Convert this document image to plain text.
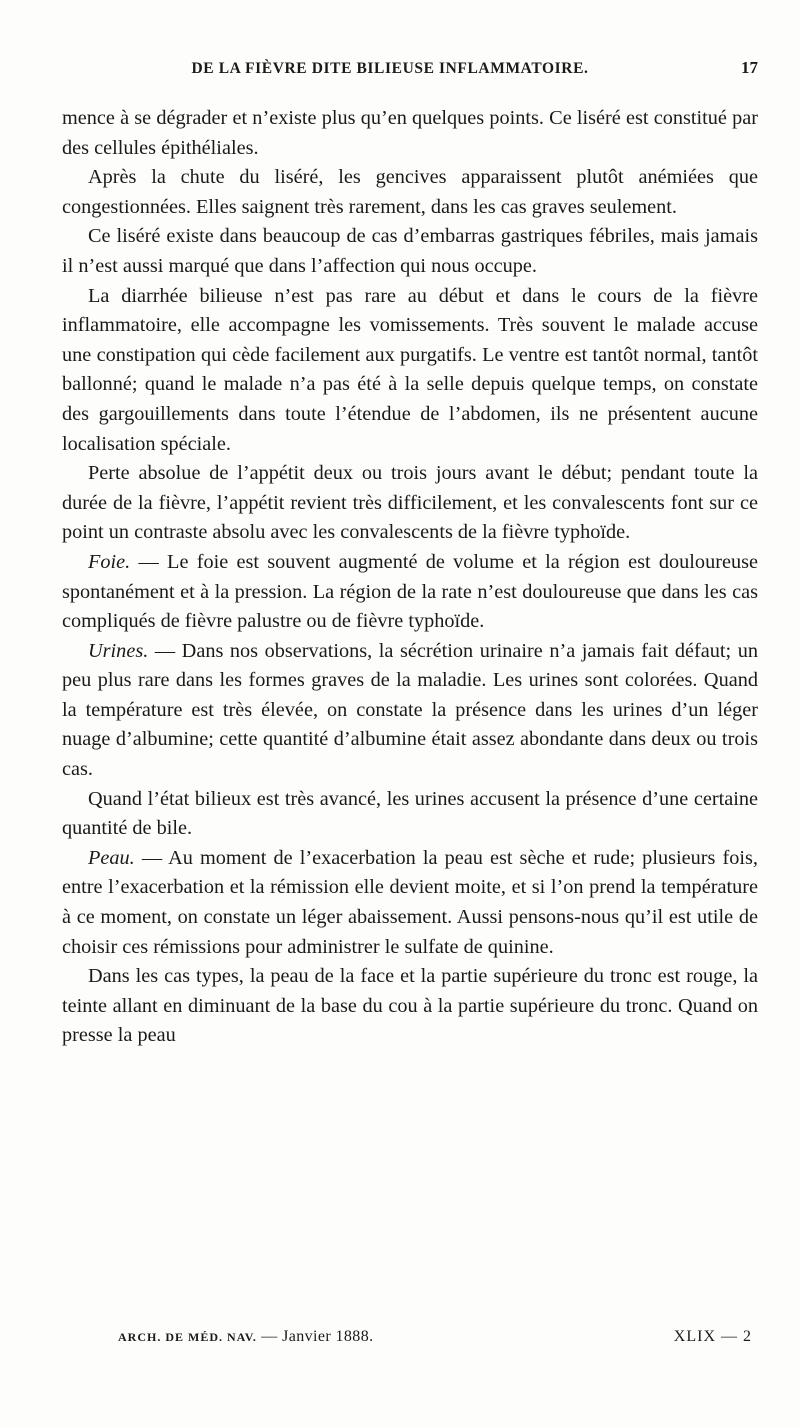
DE LA FIÈVRE DITE BILIEUSE INFLAMMATOIRE.	17

mence à se dégrader et n’existe plus qu’en quelques points. Ce liséré est constitué par des cellules épithéliales.

Après la chute du liséré, les gencives apparaissent plutôt anémiées que congestionnées. Elles saignent très rarement, dans les cas graves seulement.

Ce liséré existe dans beaucoup de cas d’embarras gastriques fébriles, mais jamais il n’est aussi marqué que dans l’affection qui nous occupe.

La diarrhée bilieuse n’est pas rare au début et dans le cours de la fièvre inflammatoire, elle accompagne les vomissements. Très souvent le malade accuse une constipation qui cède facilement aux purgatifs. Le ventre est tantôt normal, tantôt ballonné; quand le malade n’a pas été à la selle depuis quelque temps, on constate des gargouillements dans toute l’étendue de l’abdomen, ils ne présentent aucune localisation spéciale.

Perte absolue de l’appétit deux ou trois jours avant le début; pendant toute la durée de la fièvre, l’appétit revient très difficilement, et les convalescents font sur ce point un contraste absolu avec les convalescents de la fièvre typhoïde.

Foie. — Le foie est souvent augmenté de volume et la région est douloureuse spontanément et à la pression. La région de la rate n’est douloureuse que dans les cas compliqués de fièvre palustre ou de fièvre typhoïde.

Urines. — Dans nos observations, la sécrétion urinaire n’a jamais fait défaut; un peu plus rare dans les formes graves de la maladie. Les urines sont colorées. Quand la température est très élevée, on constate la présence dans les urines d’un léger nuage d’albumine; cette quantité d’albumine était assez abondante dans deux ou trois cas.

Quand l’état bilieux est très avancé, les urines accusent la présence d’une certaine quantité de bile.

Peau. — Au moment de l’exacerbation la peau est sèche et rude; plusieurs fois, entre l’exacerbation et la rémission elle devient moite, et si l’on prend la température à ce moment, on constate un léger abaissement. Aussi pensons-nous qu’il est utile de choisir ces rémissions pour administrer le sulfate de quinine.

Dans les cas types, la peau de la face et la partie supérieure du tronc est rouge, la teinte allant en diminuant de la base du cou à la partie supérieure du tronc. Quand on presse la peau

ARCH. DE MÉD. NAV. — Janvier 1888.	XLIX — 2
